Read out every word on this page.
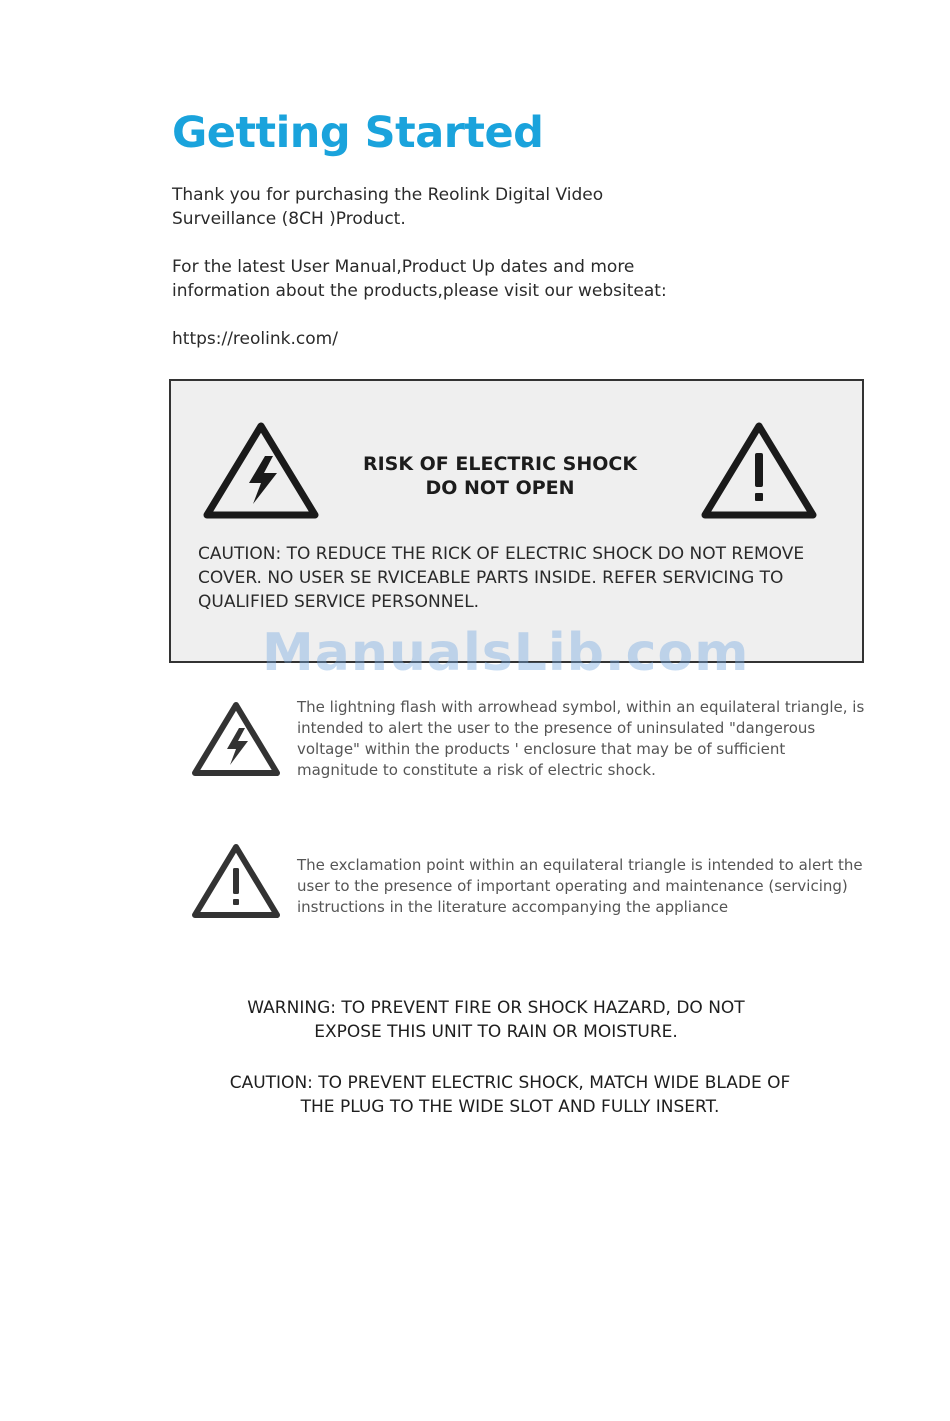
Getting Started

Thank you for purchasing the Reolink Digital Video
Surveillance (8CH )Product.

For the latest User Manual,Product Up dates and more
information about the products,please visit our websiteat:

https://reolink.com/

RISK OF ELECTRIC SHOCK
DO NOT OPEN
CAUTION: TO REDUCE THE RICK OF ELECTRIC SHOCK DO NOT REMOVE
COVER. NO USER SE RVICEABLE PARTS INSIDE. REFER SERVICING TO
QUALIFIED SERVICE PERSONNEL.
ManualsLib.com
The lightning flash with arrowhead symbol, within an equilateral triangle, is
intended to alert the user to the presence of uninsulated "dangerous
voltage" within the products ' enclosure that may be of sufficient
magnitude to constitute a risk of electric shock.
The exclamation point within an equilateral triangle is intended to alert the
user to the presence of important operating and maintenance (servicing)
instructions in the literature accompanying the appliance
WARNING: TO PREVENT FIRE OR SHOCK HAZARD, DO NOT
EXPOSE THIS UNIT TO RAIN OR MOISTURE.
CAUTION: TO PREVENT ELECTRIC SHOCK, MATCH WIDE BLADE OF
THE PLUG TO THE WIDE SLOT AND FULLY INSERT.
